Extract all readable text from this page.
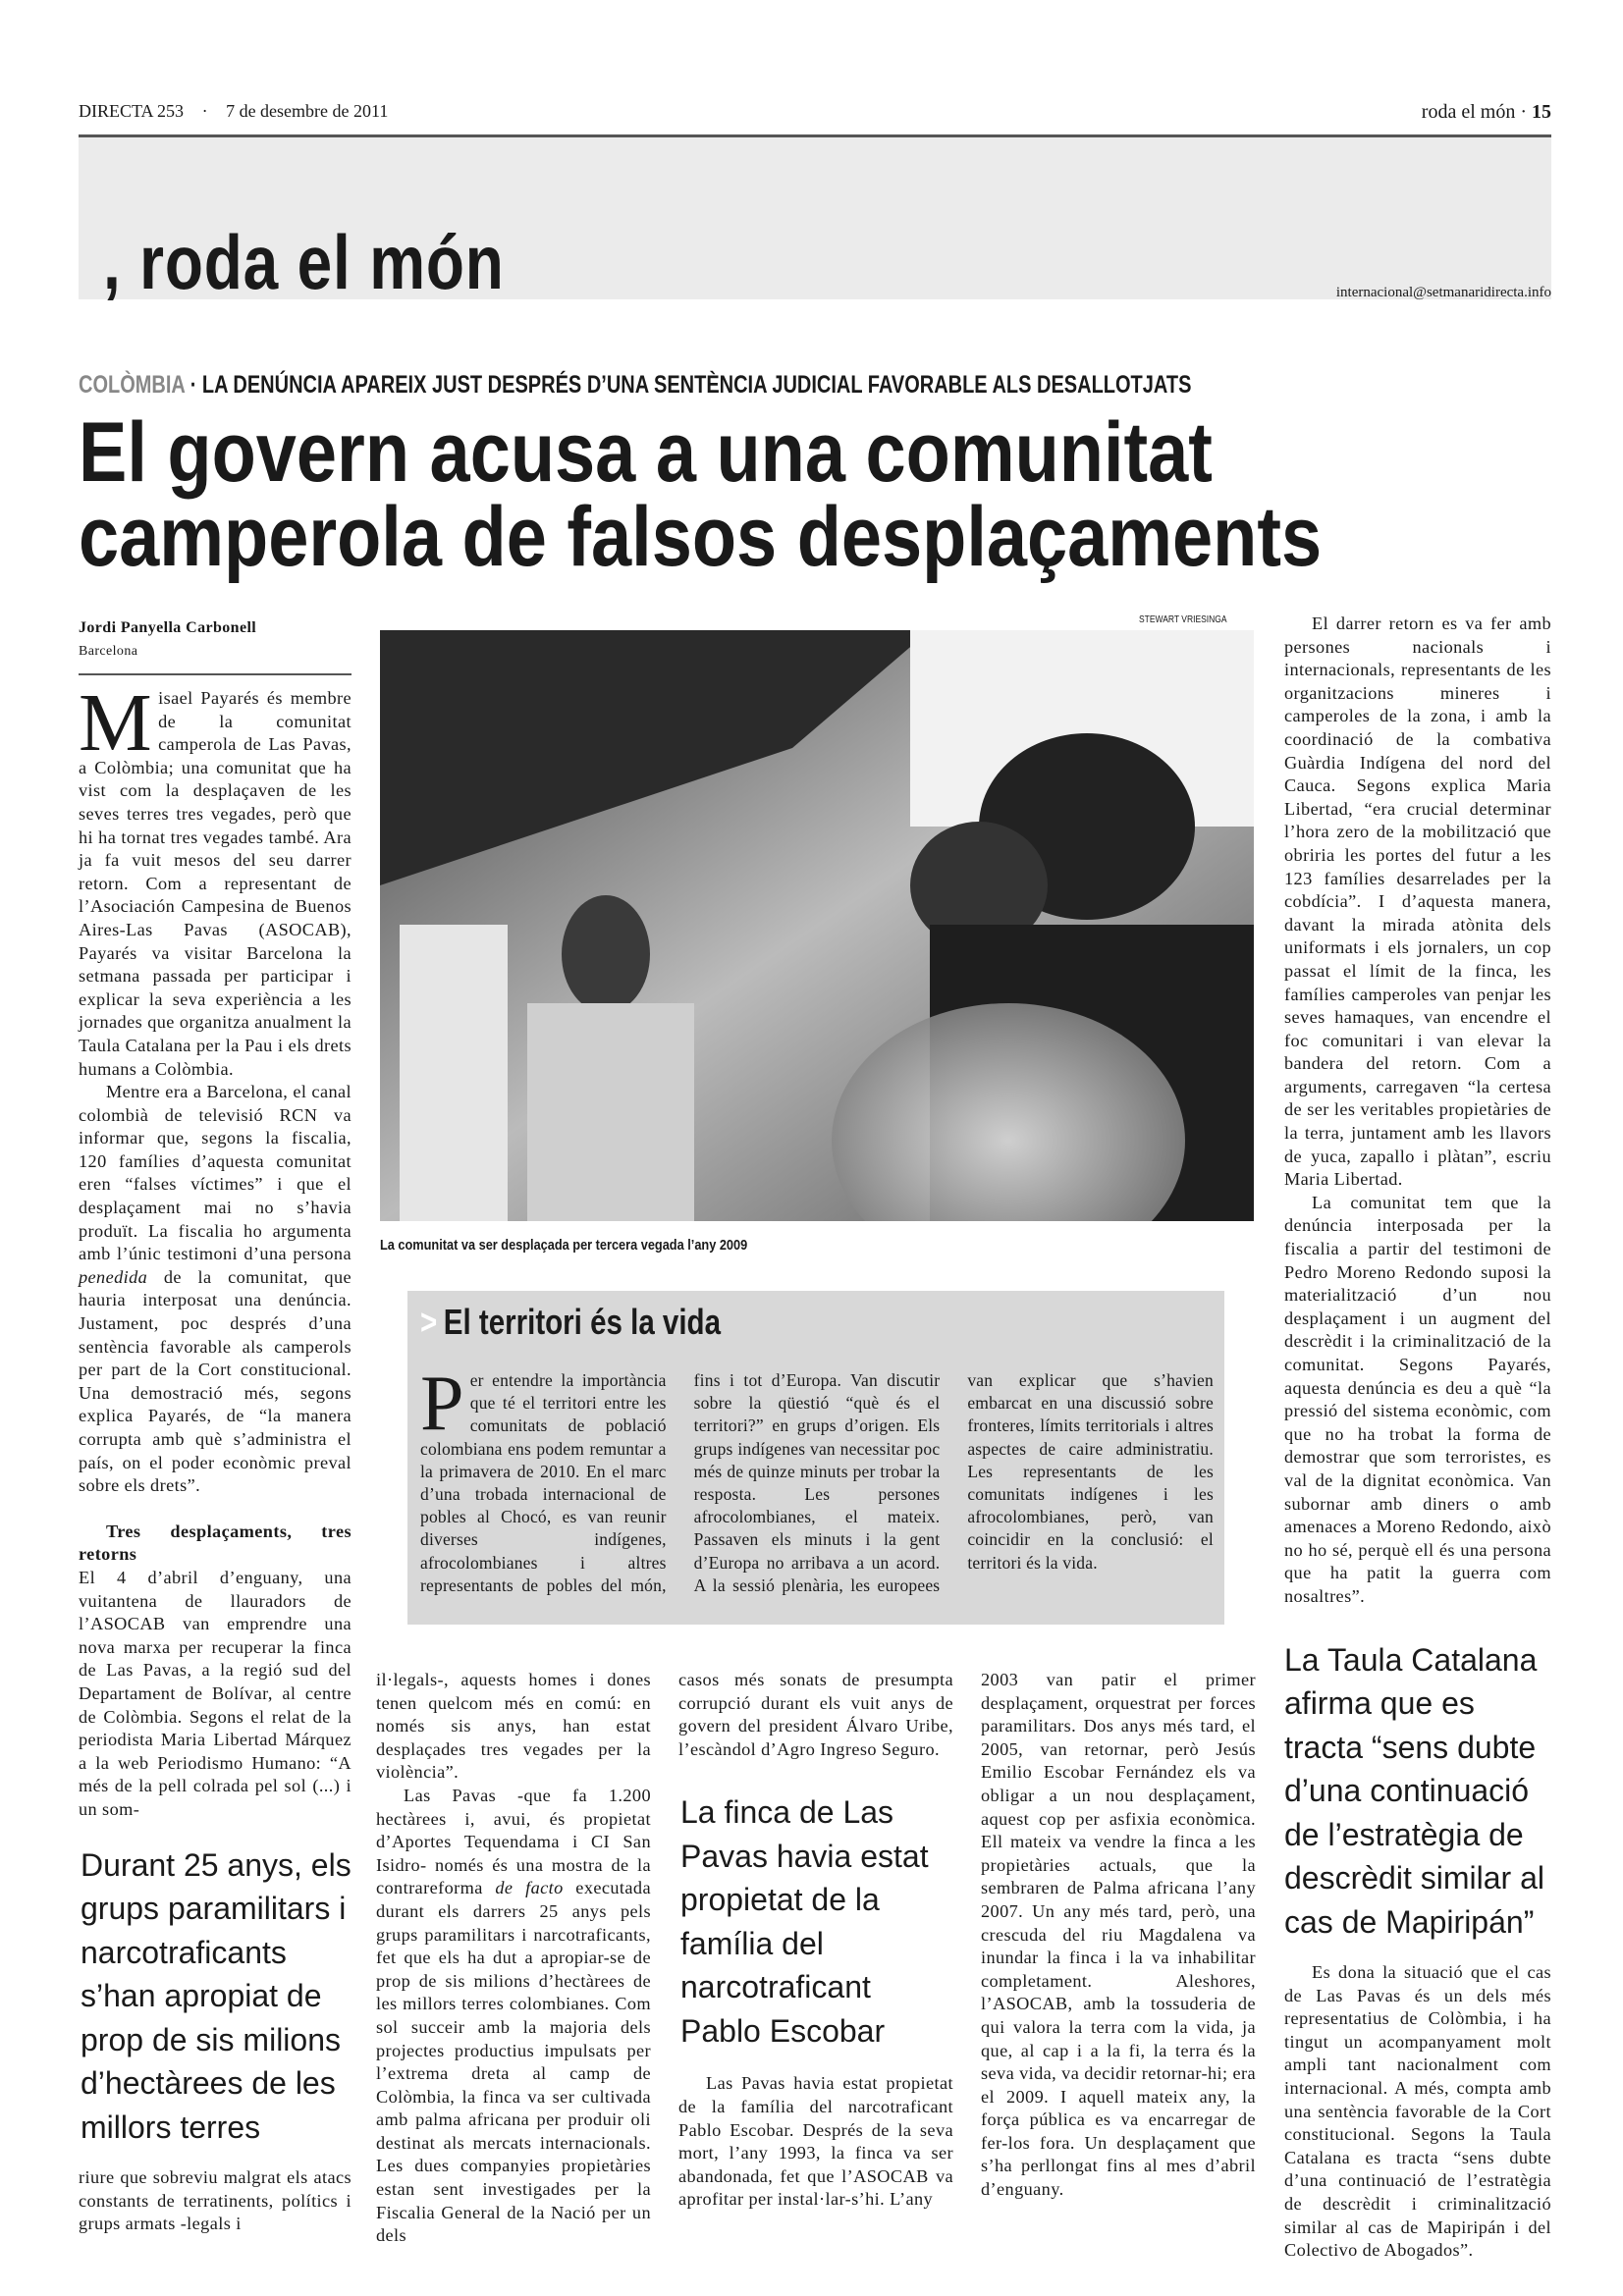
DIRECTA 253 · 7 de desembre de 2011	roda el món · 15
, roda el món	internacional@setmanaridirecta.info
COLÒMBIA · LA DENÚNCIA APAREIX JUST DESPRÉS D’UNA SENTÈNCIA JUDICIAL FAVORABLE ALS DESALLOTJATS
El govern acusa a una comunitat
camperola de falsos desplaçaments
STEWART VRIESINGA
La comunitat va ser desplaçada per tercera vegada l’any 2009
Jordi Panyella Carbonell
Barcelona

Misael Payarés és membre de la comunitat camperola de Las Pavas, a Colòmbia; una comunitat que ha vist com la desplaçaven de les seves terres tres vegades, però que hi ha tornat tres vegades també. Ara ja fa vuit mesos del seu darrer retorn. Com a representant de l’Asociación Campesina de Buenos Aires-Las Pavas (ASOCAB), Payarés va visitar Barcelona la setmana passada per participar i explicar la seva experiència a les jornades que organitza anualment la Taula Catalana per la Pau i els drets humans a Colòmbia.

Mentre era a Barcelona, el canal colombià de televisió RCN va informar que, segons la fiscalia, 120 famílies d’aquesta comunitat eren “falses víctimes” i que el desplaçament mai no s’havia produït. La fiscalia ho argumenta amb l’únic testimoni d’una persona penedida de la comunitat, que hauria interposat una denúncia. Justament, poc després d’una sentència favorable als camperols per part de la Cort constitucional. Una demostració més, segons explica Payarés, de “la manera corrupta amb què s’administra el país, on el poder econòmic preval sobre els drets”.

Tres desplaçaments, tres retorns

El 4 d’abril d’enguany, una vuitantena de llauradors de l’ASOCAB van emprendre una nova marxa per recuperar la finca de Las Pavas, a la regió sud del Departament de Bolívar, al centre de Colòmbia. Segons el relat de la periodista Maria Libertad Márquez a la web Periodismo Humano: “A més de la pell colrada pel sol (...) i un som-

Durant 25 anys, els grups paramilitars i narcotraficants s’han apropiat de prop de sis milions d’hectàrees de les millors terres

riure que sobreviu malgrat els atacs constants de terratinents, polítics i grups armats -legals i

> El territori és la vida

Per entendre la importància que té el territori entre les comunitats de població colombiana ens podem remuntar a la primavera de 2010. En el marc d’una trobada internacional de pobles al Chocó, es van reunir diverses indígenes, afrocolombianes i altres representants de pobles del món, fins i tot d’Europa. Van discutir sobre la qüestió “què és el territori?” en grups d’origen. Els grups indígenes van necessitar poc més de quinze minuts per trobar la resposta. Les persones afrocolombianes, el mateix. Passaven els minuts i la gent d’Europa no arribava a un acord. A la sessió plenària, les europees van explicar que s’havien embarcat en una discussió sobre fronteres, límits territorials i altres aspectes de caire administratiu. Les representants de les comunitats indígenes i les afrocolombianes, però, van coincidir en la conclusió: el territori és la vida.

il·legals-, aquests homes i dones tenen quelcom més en comú: en només sis anys, han estat desplaçades tres vegades per la violència”.

Las Pavas -que fa 1.200 hectàrees i, avui, és propietat d’Aportes Tequendama i CI San Isidro- només és una mostra de la contrareforma de facto executada durant els darrers 25 anys pels grups paramilitars i narcotraficants, fet que els ha dut a apropiar-se de prop de sis milions d’hectàrees de les millors terres colombianes. Com sol succeir amb la majoria dels projectes productius impulsats per l’extrema dreta al camp de Colòmbia, la finca va ser cultivada amb palma africana per produir oli destinat als mercats internacionals. Les dues companyies propietàries estan sent investigades per la Fiscalia General de la Nació per un dels

casos més sonats de presumpta corrupció durant els vuit anys de govern del president Álvaro Uribe, l’escàndol d’Agro Ingreso Seguro.

La finca de Las Pavas havia estat propietat de la família del narcotraficant Pablo Escobar

Las Pavas havia estat propietat de la família del narcotraficant Pablo Escobar. Després de la seva mort, l’any 1993, la finca va ser abandonada, fet que l’ASOCAB va aprofitar per instal·lar-s’hi. L’any

2003 van patir el primer desplaçament, orquestrat per forces paramilitars. Dos anys més tard, el 2005, van retornar, però Jesús Emilio Escobar Fernández els va obligar a un nou desplaçament, aquest cop per asfixia econòmica. Ell mateix va vendre la finca a les propietàries actuals, que la sembraren de Palma africana l’any 2007. Un any més tard, però, una crescuda del riu Magdalena va inundar la finca i la va inhabilitar completament. Aleshores, l’ASOCAB, amb la tossuderia de qui valora la terra com la vida, ja que, al cap i a la fi, la terra és la seva vida, va decidir retornar-hi; era el 2009. I aquell mateix any, la força pública es va encarregar de fer-los fora. Un desplaçament que s’ha perllongat fins al mes d’abril d’enguany.

El darrer retorn es va fer amb persones nacionals i internacionals, representants de les organitzacions mineres i camperoles de la zona, i amb la coordinació de la combativa Guàrdia Indígena del nord del Cauca. Segons explica Maria Libertad, “era crucial determinar l’hora zero de la mobilització que obriria les portes del futur a les 123 famílies desarrelades per la cobdícia”. I d’aquesta manera, davant la mirada atònita dels uniformats i els jornalers, un cop passat el límit de la finca, les famílies camperoles van penjar les seves hamaques, van encendre el foc comunitari i van elevar la bandera del retorn. Com a arguments, carregaven “la certesa de ser les veritables propietàries de la terra, juntament amb les llavors de yuca, zapallo i plàtan”, escriu Maria Libertad.

La comunitat tem que la denúncia interposada per la fiscalia a partir del testimoni de Pedro Moreno Redondo suposi la materialització d’un nou desplaçament i un augment del descrèdit i la criminalització de la comunitat. Segons Payarés, aquesta denúncia es deu a què “la pressió del sistema econòmic, com que no ha trobat la forma de demostrar que som terroristes, es val de la dignitat econòmica. Van subornar amb diners o amb amenaces a Moreno Redondo, això no ho sé, perquè ell és una persona que ha patit la guerra com nosaltres”.

La Taula Catalana afirma que es tracta “sens dubte d’una continuació de l’estratègia de descrèdit similar al cas de Mapiripán”

Es dona la situació que el cas de Las Pavas és un dels més representatius de Colòmbia, i ha tingut un acompanyament molt ampli tant nacionalment com internacional. A més, compta amb una sentència favorable de la Cort constitucional. Segons la Taula Catalana es tracta “sens dubte d’una continuació de l’estratègia de descrèdit i criminalització similar al cas de Mapiripán i del Colectivo de Abogados”.
